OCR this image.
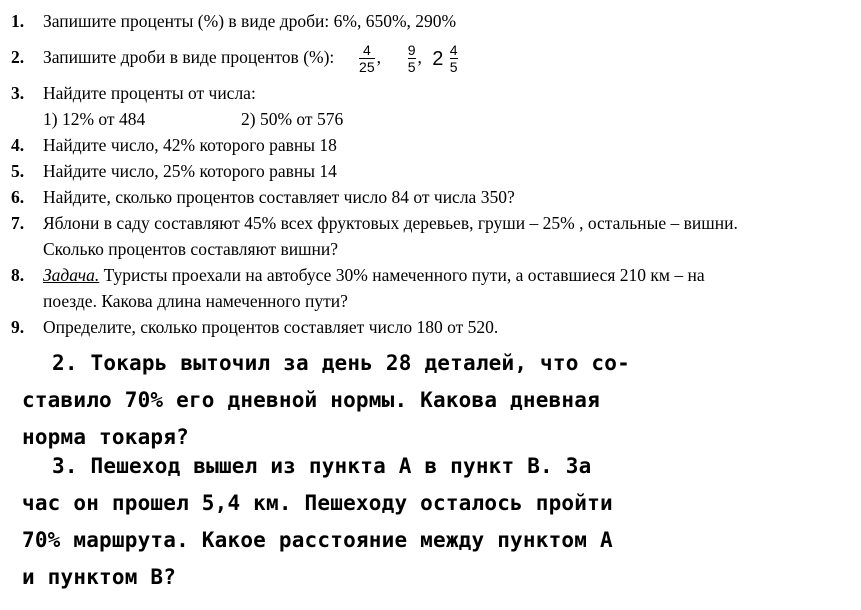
1. Запишите проценты (%) в виде дроби: 6%, 650%, 290%
2. Запишите дроби в виде процентов (%): $\frac{4}{25}$ , $\frac{9}{5}$ , $2 \frac{4}{5}$
3. Найдите проценты от числа:
1) 12% от 484	2) 50% от 576
4. Найдите число, 42% которого равны 18
5. Найдите число, 25% которого равны 14
6. Найдите, сколько процентов составляет число 84 от числа 350?
7. Яблони в саду составляют 45% всех фруктовых деревьев, груши – 25% , остальные – вишни.
Сколько процентов составляют вишни?
8. Задача. Туристы проехали на автобусе 30% намеченного пути, а оставшиеся 210 км – на
поезде. Какова длина намеченного пути?
9. Определите, сколько процентов составляет число 180 от 520.
2. Токарь выточил за день 28 деталей, что со-
ставило 70% его дневной нормы. Какова дневная
норма токаря?
3. Пешеход вышел из пункта А в пункт В. За
час он прошел 5,4 км. Пешеходу осталось пройти
70% маршрута. Какое расстояние между пунктом А
и пунктом В?
